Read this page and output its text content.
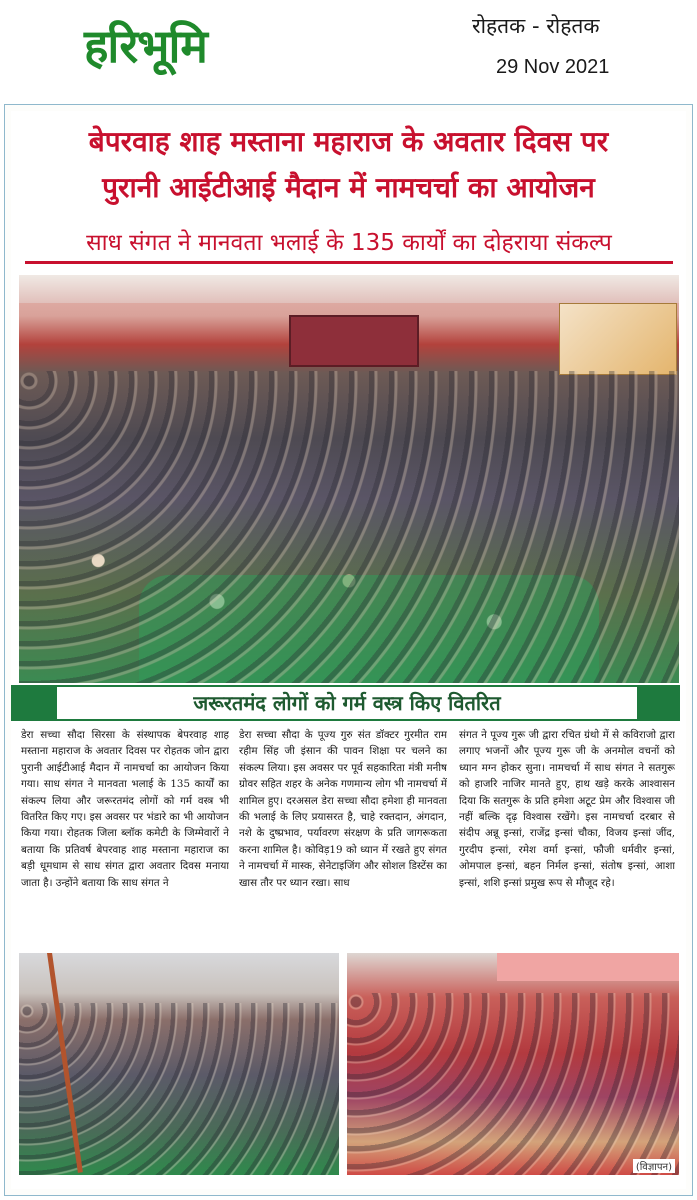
हरिभूमि	रोहतक - रोहतक
29 Nov 2021
बेपरवाह शाह मस्ताना महाराज के अवतार दिवस पर
पुरानी आईटीआई मैदान में नामचर्चा का आयोजन
साध संगत ने मानवता भलाई के 135 कार्यों का दोहराया संकल्प
जरूरतमंद लोगों को गर्म वस्त्र किए वितरित
डेरा सच्चा सौदा सिरसा के संस्थापक बेपरवाह शाह मस्ताना महाराज के अवतार दिवस पर रोहतक जोन द्वारा पुरानी आईटीआई मैदान में नामचर्चा का आयोजन किया गया। साध संगत ने मानवता भलाई के 135 कार्यों का संकल्प लिया और जरूरतमंद लोगों को गर्म वस्त्र भी वितरित किए गए। इस अवसर पर भंडारे का भी आयोजन किया गया। रोहतक जिला ब्लॉक कमेटी के जिम्मेवारों ने बताया कि प्रतिवर्ष बेपरवाह शाह मस्ताना महाराज का बड़ी धूमधाम से साध संगत द्वारा अवतार दिवस मनाया जाता है। उन्होंने बताया कि साध संगत ने
डेरा सच्चा सौदा के पूज्य गुरु संत डॉक्टर गुरमीत राम रहीम सिंह जी इंसान की पावन शिक्षा पर चलने का संकल्प लिया। इस अवसर पर पूर्व सहकारिता मंत्री मनीष ग्रोवर सहित शहर के अनेक गणमान्य लोग भी नामचर्चा में शामिल हुए। दरअसल डेरा सच्चा सौदा हमेशा ही मानवता की भलाई के लिए प्रयासरत है, चाहे रक्तदान, अंगदान, नशे के दुष्प्रभाव, पर्यावरण संरक्षण के प्रति जागरूकता करना शामिल है। कोविड़19 को ध्यान में रखते हुए संगत ने नामचर्चा में मास्क, सेनेटाइजिंग और सोशल डिस्टेंस का खास तौर पर ध्यान रखा। साध
संगत ने पूज्य गुरू जी द्वारा रचित ग्रंथो में से कविराजो द्वारा लगाए भजनों और पूज्य गुरू जी के अनमोल वचनों को ध्यान मग्न होकर सुना। नामचर्चा में साध संगत ने सतगुरू को हाजरि नाजिर मानते हुए, हाथ खड़े करके आश्वासन दिया कि सतगुरू के प्रति हमेशा अटूट प्रेम और विश्वास जी नहीं बल्कि दृढ़ विश्वास रखेंगे। इस नामचर्चा दरबार से संदीप अन्नू इन्सां, राजेंद्र इन्सां चौका, विजय इन्सां जींद, गुरदीप इन्सां, रमेश वर्मा इन्सां, फौजी धर्मवीर इन्सां, ओमपाल इन्सां, बहन निर्मल इन्सां, संतोष इन्सां, आशा इन्सां, शशि इन्सां प्रमुख रूप से मौजूद रहे।
(विज्ञापन)
